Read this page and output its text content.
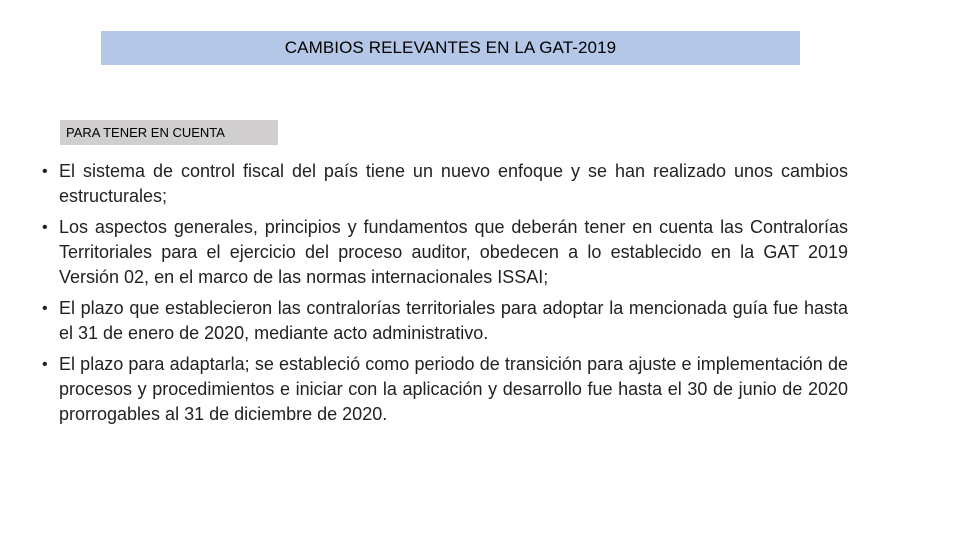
CAMBIOS RELEVANTES EN LA GAT-2019
PARA TENER EN CUENTA
• El sistema de control fiscal del país tiene un nuevo enfoque y se han realizado unos cambios estructurales;
• Los aspectos generales, principios y fundamentos que deberán tener en cuenta las Contralorías Territoriales para el ejercicio del proceso auditor, obedecen a lo establecido en la GAT 2019 Versión 02, en el marco de las normas internacionales ISSAI;
• El plazo que establecieron las contralorías territoriales para adoptar la mencionada guía fue hasta el 31 de enero de 2020, mediante acto administrativo.
• El plazo para adaptarla; se estableció como periodo de transición para ajuste e implementación de procesos y procedimientos e iniciar con la aplicación y desarrollo fue hasta el 30 de junio de 2020 prorrogables al 31 de diciembre de 2020.
